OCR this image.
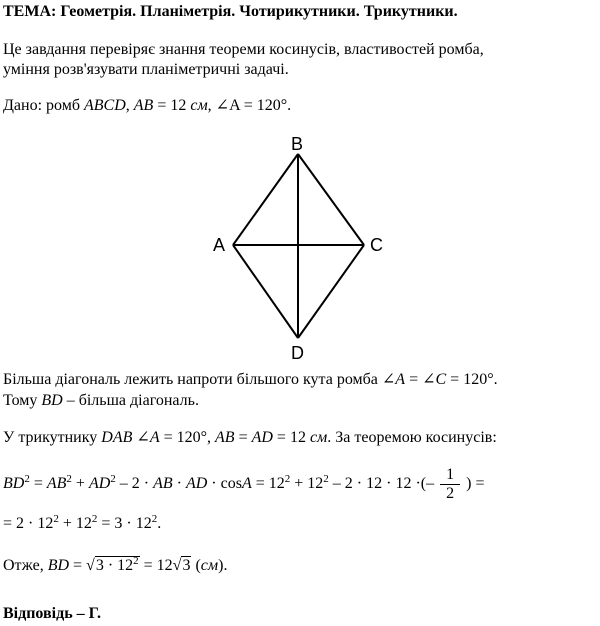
ТЕМА: Геометрія. Планіметрія. Чотирикутники. Трикутники.
Це завдання перевіряє знання теореми косинусів, властивостей ромба,
уміння розв'язувати планіметричні задачі.
Дано: ромб ABCD, AB = 12 см, ∠A = 120°.
B
A	C
D
Більша діагональ лежить напроти більшого кута ромба ∠A = ∠C = 120°.
Тому BD – більша діагональ.
У трикутнику DAB ∠A = 120°, AB = AD = 12 см. За теоремою косинусів:
$BD^2 = AB^2 + AD^2 - 2$ · AB · AD · $\cos A = 12^2 + 12^2 - 2 \cdot 12 \cdot 12$ ·(– $\frac{1}{2}$ ) =
= $2 \cdot 12^2 + 12^2 = 3 \cdot 12^2$.
Отже, BD = $√3 \cdot 12^2 = 12√3$ (см).
Відповідь – Г.
